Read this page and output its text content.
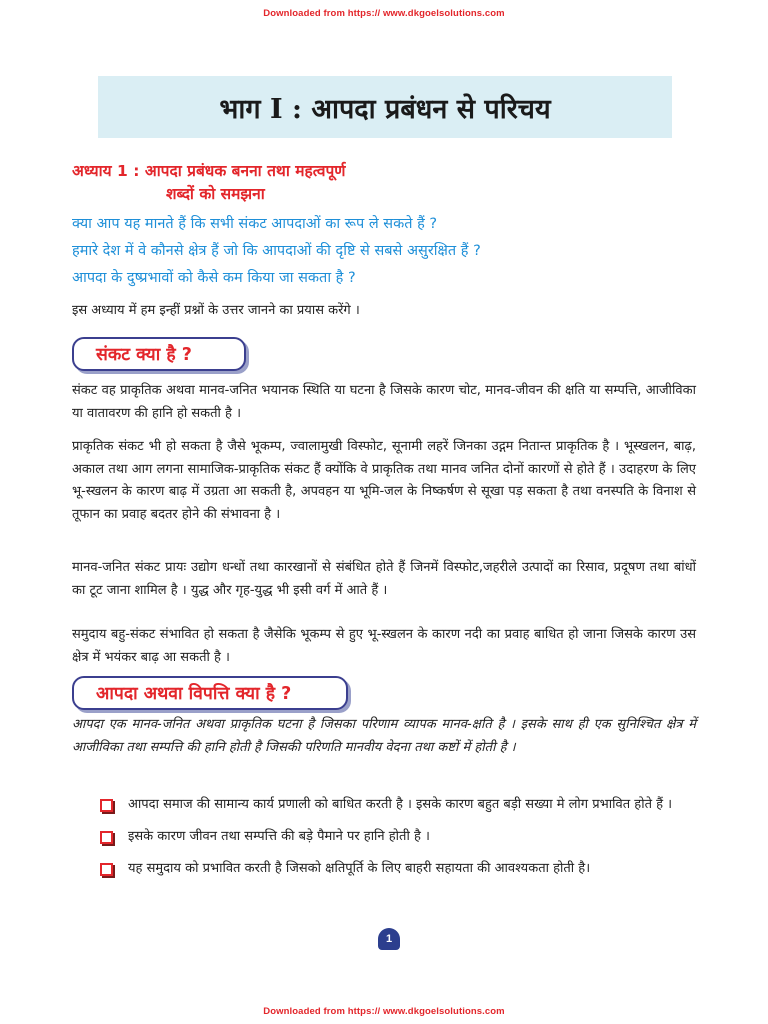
Downloaded from https:// www.dkgoelsolutions.com
भाग I : आपदा प्रबंधन से परिचय
अध्याय 1 : आपदा प्रबंधक बनना तथा महत्वपूर्ण
शब्दों को समझना
क्या आप यह मानते हैं कि सभी संकट आपदाओं का रूप ले सकते हैं ?
हमारे देश में वे कौनसे क्षेत्र हैं जो कि आपदाओं की दृष्टि से सबसे असुरक्षित हैं ?
आपदा के दुष्प्रभावों को कैसे कम किया जा सकता है ?
इस अध्याय में हम इन्हीं प्रश्नों के उत्तर जानने का प्रयास करेंगे ।
संकट क्या है ?
संकट वह प्राकृतिक अथवा मानव-जनित भयानक स्थिति या घटना है जिसके कारण चोट, मानव-जीवन की क्षति या सम्पत्ति, आजीविका या वातावरण की हानि हो सकती है ।
प्राकृतिक संकट भी हो सकता है जैसे भूकम्प, ज्वालामुखी विस्फोट, सूनामी लहरें जिनका उद्गम नितान्त प्राकृतिक है । भूस्खलन, बाढ़, अकाल तथा आग लगना सामाजिक-प्राकृतिक संकट हैं क्योंकि वे प्राकृतिक तथा मानव जनित दोनों कारणों से होते हैं । उदाहरण के लिए भू-स्खलन के कारण बाढ़ में उग्रता आ सकती है, अपवहन या भूमि-जल के निष्कर्षण से सूखा पड़ सकता है तथा वनस्पति के विनाश से तूफान का प्रवाह बदतर होने की संभावना है ।
मानव-जनित संकट प्रायः उद्योग धन्धों तथा कारखानों से संबंधित होते हैं जिनमें विस्फोट,जहरीले उत्पादों का रिसाव, प्रदूषण तथा बांधों का टूट जाना शामिल है । युद्ध और गृह-युद्ध भी इसी वर्ग में आते हैं ।
समुदाय बहु-संकट संभावित हो सकता है जैसेकि भूकम्प से हुए भू-स्खलन के कारण नदी का प्रवाह बाधित हो जाना जिसके कारण उस क्षेत्र में भयंकर बाढ़ आ सकती है ।
आपदा अथवा विपत्ति क्या है ?
आपदा एक मानव-जनित अथवा प्राकृतिक घटना है जिसका परिणाम व्यापक मानव-क्षति है । इसके साथ ही एक सुनिश्चित क्षेत्र में आजीविका तथा सम्पत्ति की हानि होती है जिसकी परिणति मानवीय वेदना तथा कष्टों में होती है ।
आपदा समाज की सामान्य कार्य प्रणाली को बाधित करती है । इसके कारण बहुत बड़ी सख्या मे लोग प्रभावित होते हैं ।
इसके कारण जीवन तथा सम्पत्ति की बड़े पैमाने पर हानि होती है ।
यह समुदाय को प्रभावित करती है जिसको क्षतिपूर्ति के लिए बाहरी सहायता की आवश्यकता होती है।
1
Downloaded from https:// www.dkgoelsolutions.com
